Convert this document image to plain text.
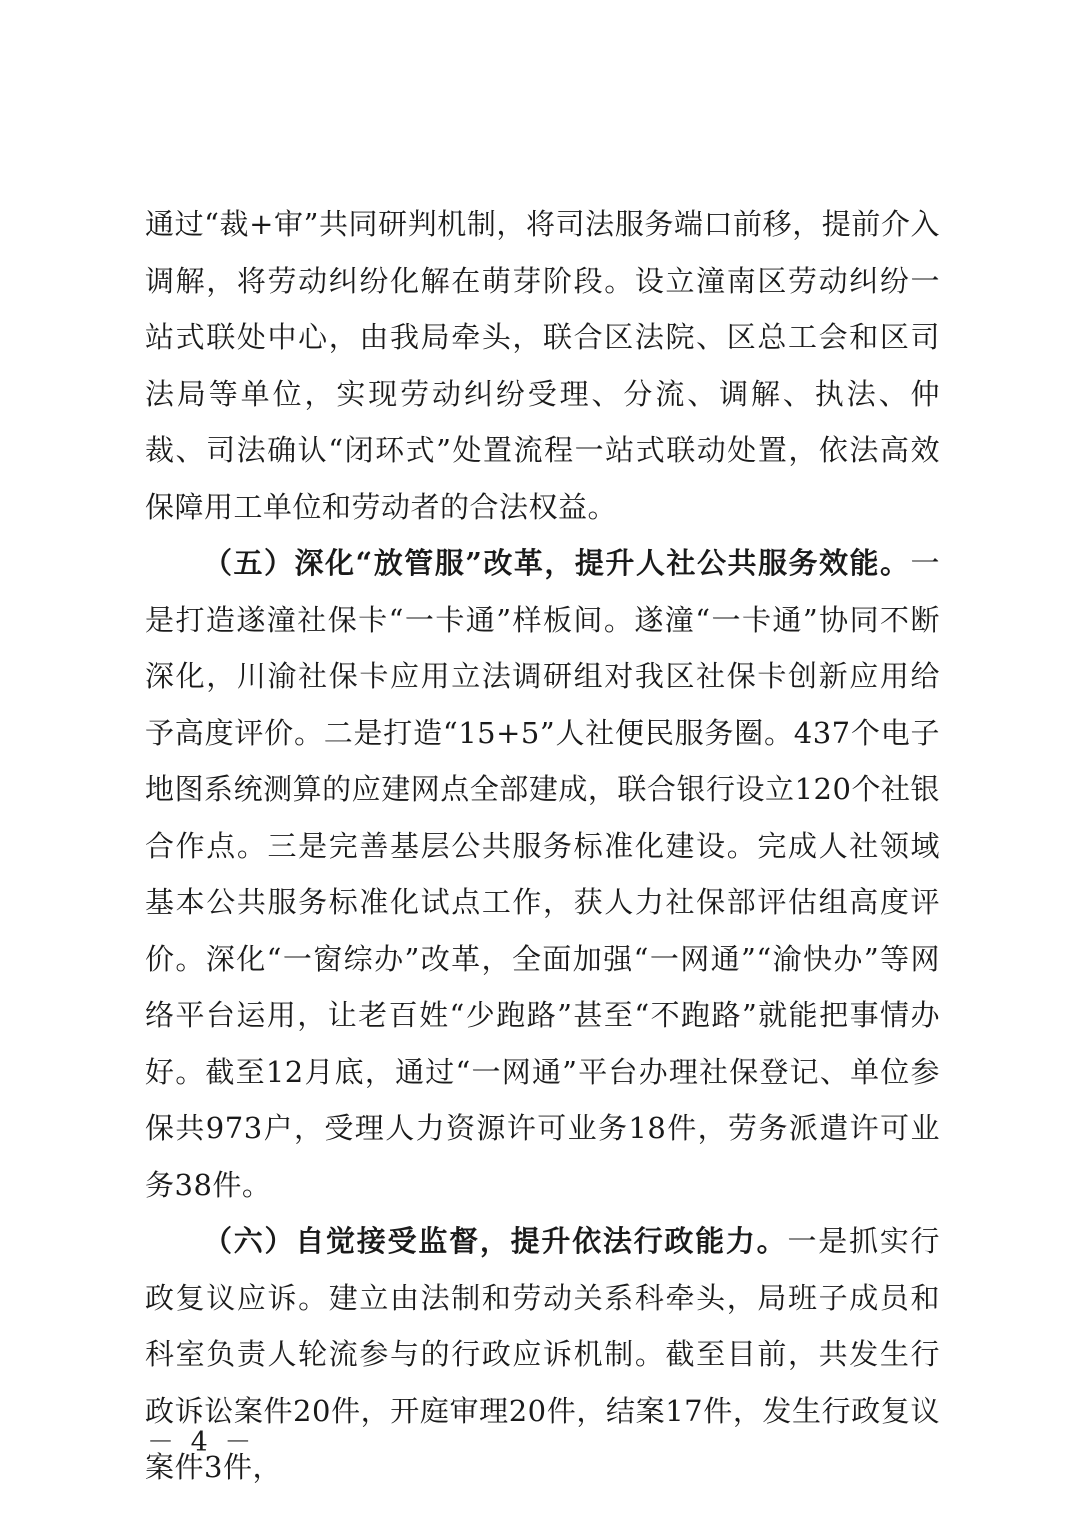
通过“裁+审”共同研判机制，将司法服务端口前移，提前介入调解，将劳动纠纷化解在萌芽阶段。设立潼南区劳动纠纷一站式联处中心，由我局牵头，联合区法院、区总工会和区司法局等单位，实现劳动纠纷受理、分流、调解、执法、仲裁、司法确认“闭环式”处置流程一站式联动处置，依法高效保障用工单位和劳动者的合法权益。

（五）深化“放管服”改革，提升人社公共服务效能。一是打造遂潼社保卡“一卡通”样板间。遂潼“一卡通”协同不断深化，川渝社保卡应用立法调研组对我区社保卡创新应用给予高度评价。二是打造“15+5”人社便民服务圈。437个电子地图系统测算的应建网点全部建成，联合银行设立120个社银合作点。三是完善基层公共服务标准化建设。完成人社领域基本公共服务标准化试点工作，获人力社保部评估组高度评价。深化“一窗综办”改革，全面加强“一网通”“渝快办”等网络平台运用，让老百姓“少跑路”甚至“不跑路”就能把事情办好。截至12月底，通过“一网通”平台办理社保登记、单位参保共973户，受理人力资源许可业务18件，劳务派遣许可业务38件。

（六）自觉接受监督，提升依法行政能力。一是抓实行政复议应诉。建立由法制和劳动关系科牵头，局班子成员和科室负责人轮流参与的行政应诉机制。截至目前，共发生行政诉讼案件20件，开庭审理20件，结案17件，发生行政复议案件3件，

－ 4 －
